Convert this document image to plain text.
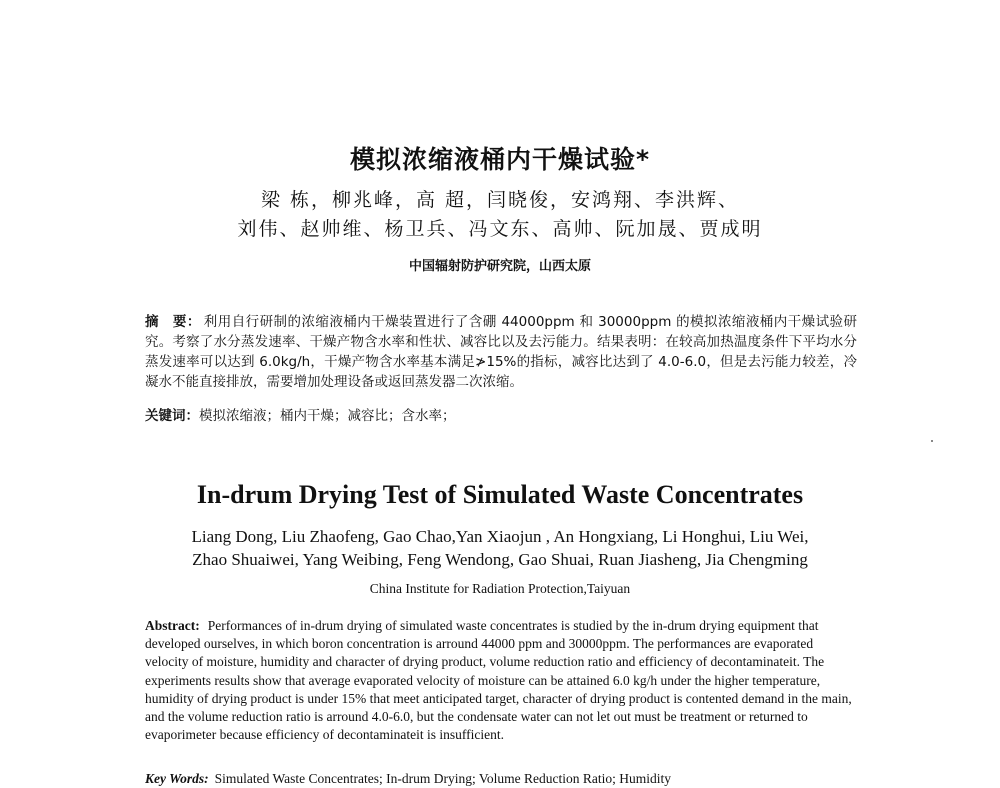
模拟浓缩液桶内干燥试验*
梁 栋，柳兆峰，高 超，闫晓俊，安鸿翔、李洪辉、
刘伟、赵帅维、杨卫兵、冯文东、高帅、阮加晟、贾成明
中国辐射防护研究院，山西太原
摘　要： 利用自行研制的浓缩液桶内干燥装置进行了含硼 44000ppm 和 30000ppm 的模拟浓缩液桶内干燥试验研究。考察了水分蒸发速率、干燥产物含水率和性状、减容比以及去污能力。结果表明：在较高加热温度条件下平均水分蒸发速率可以达到 6.0kg/h，干燥产物含水率基本满足≯15%的指标，减容比达到了 4.0-6.0，但是去污能力较差，冷凝水不能直接排放，需要增加处理设备或返回蒸发器二次浓缩。
关键词：模拟浓缩液；桶内干燥；减容比；含水率；
In-drum Drying Test of Simulated Waste Concentrates
Liang Dong, Liu Zhaofeng, Gao Chao,Yan Xiaojun , An Hongxiang, Li Honghui, Liu Wei,
Zhao Shuaiwei, Yang Weibing, Feng Wendong, Gao Shuai, Ruan Jiasheng, Jia Chengming
China Institute for Radiation Protection,Taiyuan
Abstract: Performances of in-drum drying of simulated waste concentrates is studied by the in-drum drying equipment that developed ourselves, in which boron concentration is arround 44000 ppm and 30000ppm. The performances are evaporated velocity of moisture, humidity and character of drying product, volume reduction ratio and efficiency of decontaminateit. The experiments results show that average evaporated velocity of moisture can be attained 6.0 kg/h under the higher temperature, humidity of drying product is under 15% that meet anticipated target, character of drying product is contented demand in the main, and the volume reduction ratio is arround 4.0-6.0, but the condensate water can not let out must be treatment or returned to evaporimeter because efficiency of decontaminateit is insufficient.
Key Words: Simulated Waste Concentrates; In-drum Drying; Volume Reduction Ratio; Humidity
